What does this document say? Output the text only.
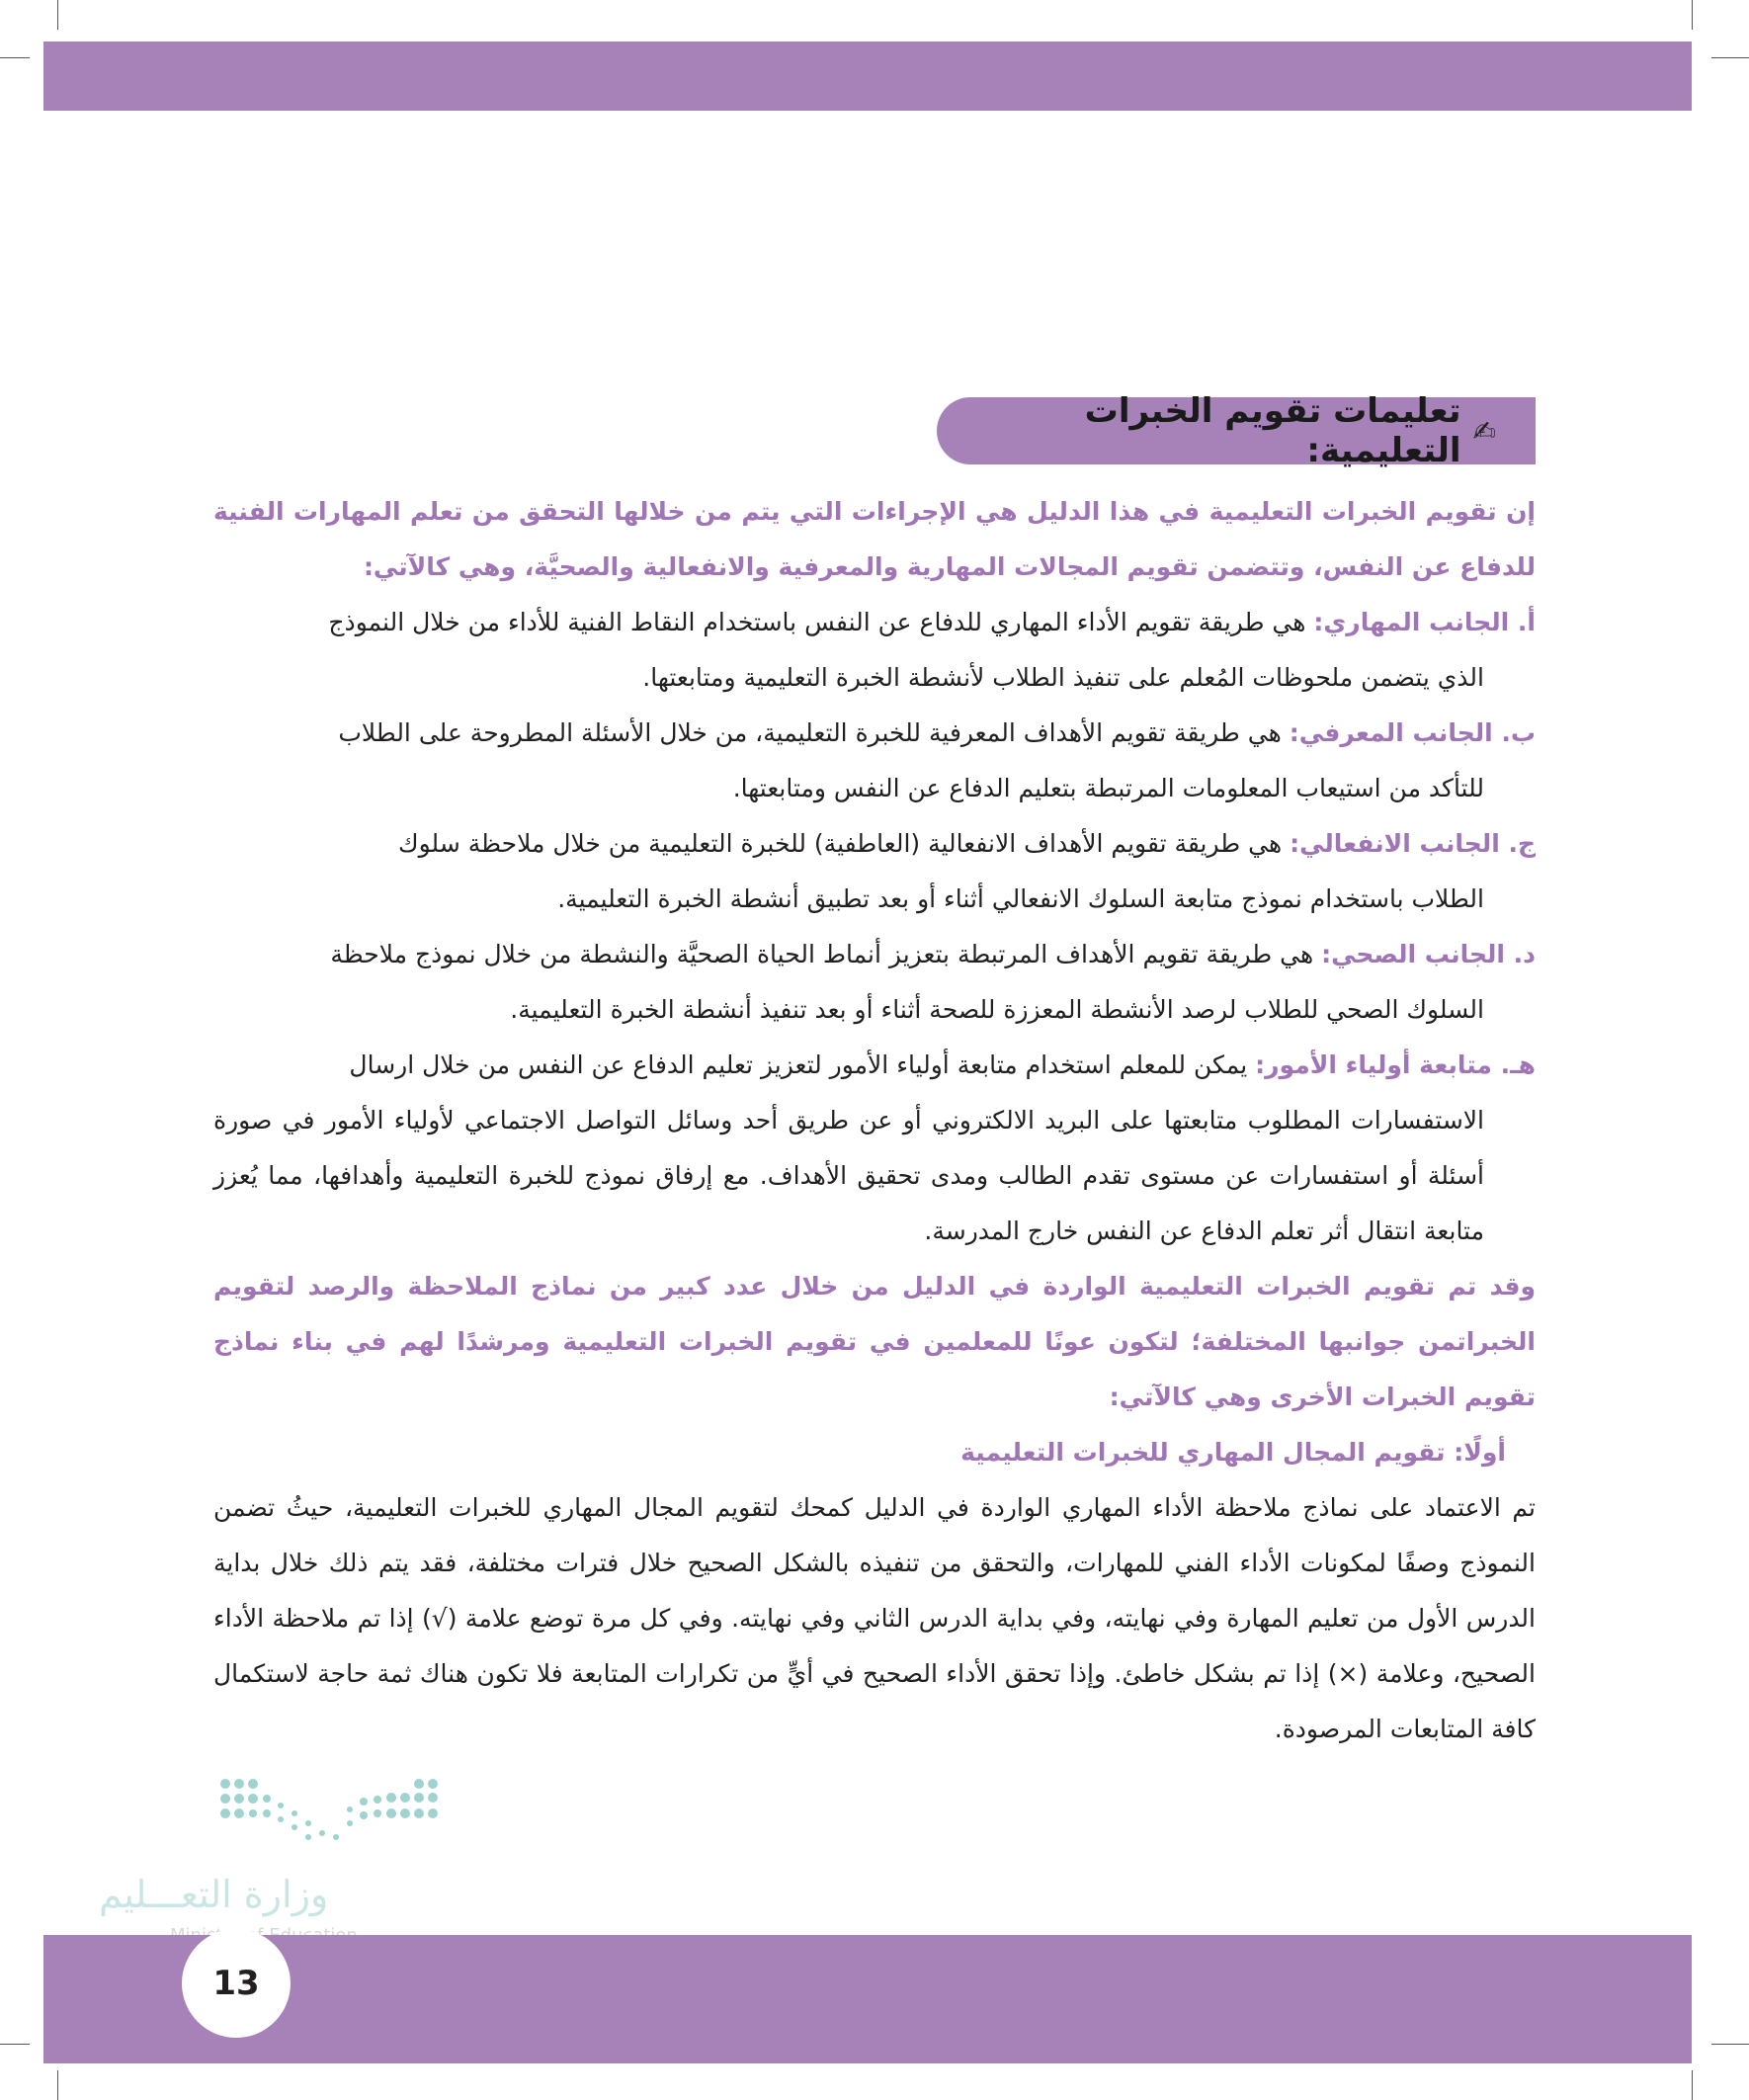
✍
تعليمات تقويم الخبرات التعليمية:

إن تقويم الخبرات التعليمية في هذا الدليل هي الإجراءات التي يتم من خلالها التحقق من تعلم المهارات الفنية للدفاع عن النفس، وتتضمن تقويم المجالات المهارية والمعرفية والانفعالية والصحيَّة، وهي كالآتي:

أ. الجانب المهاري: هي طريقة تقويم الأداء المهاري للدفاع عن النفس باستخدام النقاط الفنية للأداء من خلال النموذج
الذي يتضمن ملحوظات المُعلم على تنفيذ الطلاب لأنشطة الخبرة التعليمية ومتابعتها.

ب. الجانب المعرفي: هي طريقة تقويم الأهداف المعرفية للخبرة التعليمية، من خلال الأسئلة المطروحة على الطلاب
للتأكد من استيعاب المعلومات المرتبطة بتعليم الدفاع عن النفس ومتابعتها.

ج. الجانب الانفعالي: هي طريقة تقويم الأهداف الانفعالية (العاطفية) للخبرة التعليمية من خلال ملاحظة سلوك
الطلاب باستخدام نموذج متابعة السلوك الانفعالي أثناء أو بعد تطبيق أنشطة الخبرة التعليمية.

د. الجانب الصحي: هي طريقة تقويم الأهداف المرتبطة بتعزيز أنماط الحياة الصحيَّة والنشطة من خلال نموذج ملاحظة
السلوك الصحي للطلاب لرصد الأنشطة المعززة للصحة أثناء أو بعد تنفيذ أنشطة الخبرة التعليمية.

هـ. متابعة أولياء الأمور: يمكن للمعلم استخدام متابعة أولياء الأمور لتعزيز تعليم الدفاع عن النفس من خلال ارسال
الاستفسارات المطلوب متابعتها على البريد الالكتروني أو عن طريق أحد وسائل التواصل الاجتماعي لأولياء الأمور في صورة أسئلة أو استفسارات عن مستوى تقدم الطالب ومدى تحقيق الأهداف. مع إرفاق نموذج للخبرة التعليمية وأهدافها، مما يُعزز متابعة انتقال أثر تعلم الدفاع عن النفس خارج المدرسة.

وقد تم تقويم الخبرات التعليمية الواردة في الدليل من خلال عدد كبير من نماذج الملاحظة والرصد لتقويم الخبراتمن جوانبها المختلفة؛ لتكون عونًا للمعلمين في تقويم الخبرات التعليمية ومرشدًا لهم في بناء نماذج تقويم الخبرات الأخرى وهي كالآتي:

أولًا: تقويم المجال المهاري للخبرات التعليمية

تم الاعتماد على نماذج ملاحظة الأداء المهاري الواردة في الدليل كمحك لتقويم المجال المهاري للخبرات التعليمية، حيثُ تضمن النموذج وصفًا لمكونات الأداء الفني للمهارات، والتحقق من تنفيذه بالشكل الصحيح خلال فترات مختلفة، فقد يتم ذلك خلال بداية الدرس الأول من تعليم المهارة وفي نهايته، وفي بداية الدرس الثاني وفي نهايته. وفي كل مرة توضع علامة (√) إذا تم ملاحظة الأداء الصحيح، وعلامة (×) إذا تم بشكل خاطئ. وإذا تحقق الأداء الصحيح في أيٍّ من تكرارات المتابعة فلا تكون هناك ثمة حاجة لاستكمال كافة المتابعات المرصودة.

وزارة التعـــليم
13
